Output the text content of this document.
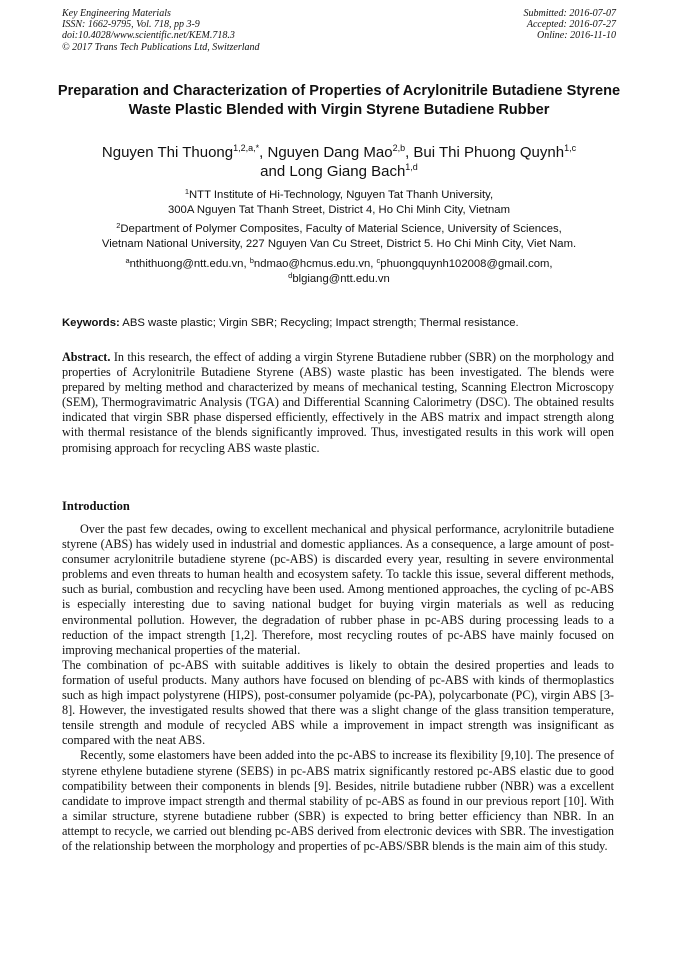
Key Engineering Materials
ISSN: 1662-9795, Vol. 718, pp 3-9
doi:10.4028/www.scientific.net/KEM.718.3
© 2017 Trans Tech Publications Ltd, Switzerland
Submitted: 2016-07-07
Accepted: 2016-07-27
Online: 2016-11-10
Preparation and Characterization of Properties of Acrylonitrile Butadiene Styrene Waste Plastic Blended with Virgin Styrene Butadiene Rubber
Nguyen Thi Thuong$^{1,2,a,*}$, Nguyen Dang Mao$^{2,b}$, Bui Thi Phuong Quynh$^{1,c}$
and Long Giang Bach$^{1,d}$
$^1$NTT Institute of Hi-Technology, Nguyen Tat Thanh University,
300A Nguyen Tat Thanh Street, District 4, Ho Chi Minh City, Vietnam
$^2$Department of Polymer Composites, Faculty of Material Science, University of Sciences,
Vietnam National University, 227 Nguyen Van Cu Street, District 5. Ho Chi Minh City, Viet Nam.
$^a$nthithuong@ntt.edu.vn, $^b$ndmao@hcmus.edu.vn, $^c$phuongquynh102008@gmail.com,
$^d$blgiang@ntt.edu.vn
Keywords: ABS waste plastic; Virgin SBR; Recycling; Impact strength; Thermal resistance.
Abstract. In this research, the effect of adding a virgin Styrene Butadiene rubber (SBR) on the morphology and properties of Acrylonitrile Butadiene Styrene (ABS) waste plastic has been investigated. The blends were prepared by melting method and characterized by means of mechanical testing, Scanning Electron Microscopy (SEM), Thermogravimatric Analysis (TGA) and Differential Scanning Calorimetry (DSC). The obtained results indicated that virgin SBR phase dispersed efficiently, effectively in the ABS matrix and impact strength along with thermal resistance of the blends significantly improved. Thus, investigated results in this work will open promising approach for recycling ABS waste plastic.
Introduction

Over the past few decades, owing to excellent mechanical and physical performance, acrylonitrile butadiene styrene (ABS) has widely used in industrial and domestic appliances. As a consequence, a large amount of post-consumer acrylonitrile butadiene styrene (pc-ABS) is discarded every year, resulting in severe environmental problems and even threats to human health and ecosystem safety. To tackle this issue, several different methods, such as burial, combustion and recycling have been used. Among mentioned approaches, the cycling of pc-ABS is especially interesting due to saving national budget for buying virgin materials as well as reducing environmental pollution. However, the degradation of rubber phase in pc-ABS during processing leads to a reduction of the impact strength [1,2]. Therefore, most recycling routes of pc-ABS have mainly focused on improving mechanical properties of the material.

The combination of pc-ABS with suitable additives is likely to obtain the desired properties and leads to formation of useful products. Many authors have focused on blending of pc-ABS with kinds of thermoplastics such as high impact polystyrene (HIPS), post-consumer polyamide (pc-PA), polycarbonate (PC), virgin ABS [3-8]. However, the investigated results showed that there was a slight change of the glass transition temperature, tensile strength and module of recycled ABS while a improvement in impact strength was insignificant as compared with the neat ABS.

Recently, some elastomers have been added into the pc-ABS to increase its flexibility [9,10]. The presence of styrene ethylene butadiene styrene (SEBS) in pc-ABS matrix significantly restored pc-ABS elastic due to good compatibility between their components in blends [9]. Besides, nitrile butadiene rubber (NBR) was a excellent candidate to improve impact strength and thermal stability of pc-ABS as found in our previous report [10]. With a similar structure, styrene butadiene rubber (SBR) is expected to bring better efficiency than NBR. In an attempt to recycle, we carried out blending pc-ABS derived from electronic devices with SBR. The investigation of the relationship between the morphology and properties of pc-ABS/SBR blends is the main aim of this study.
